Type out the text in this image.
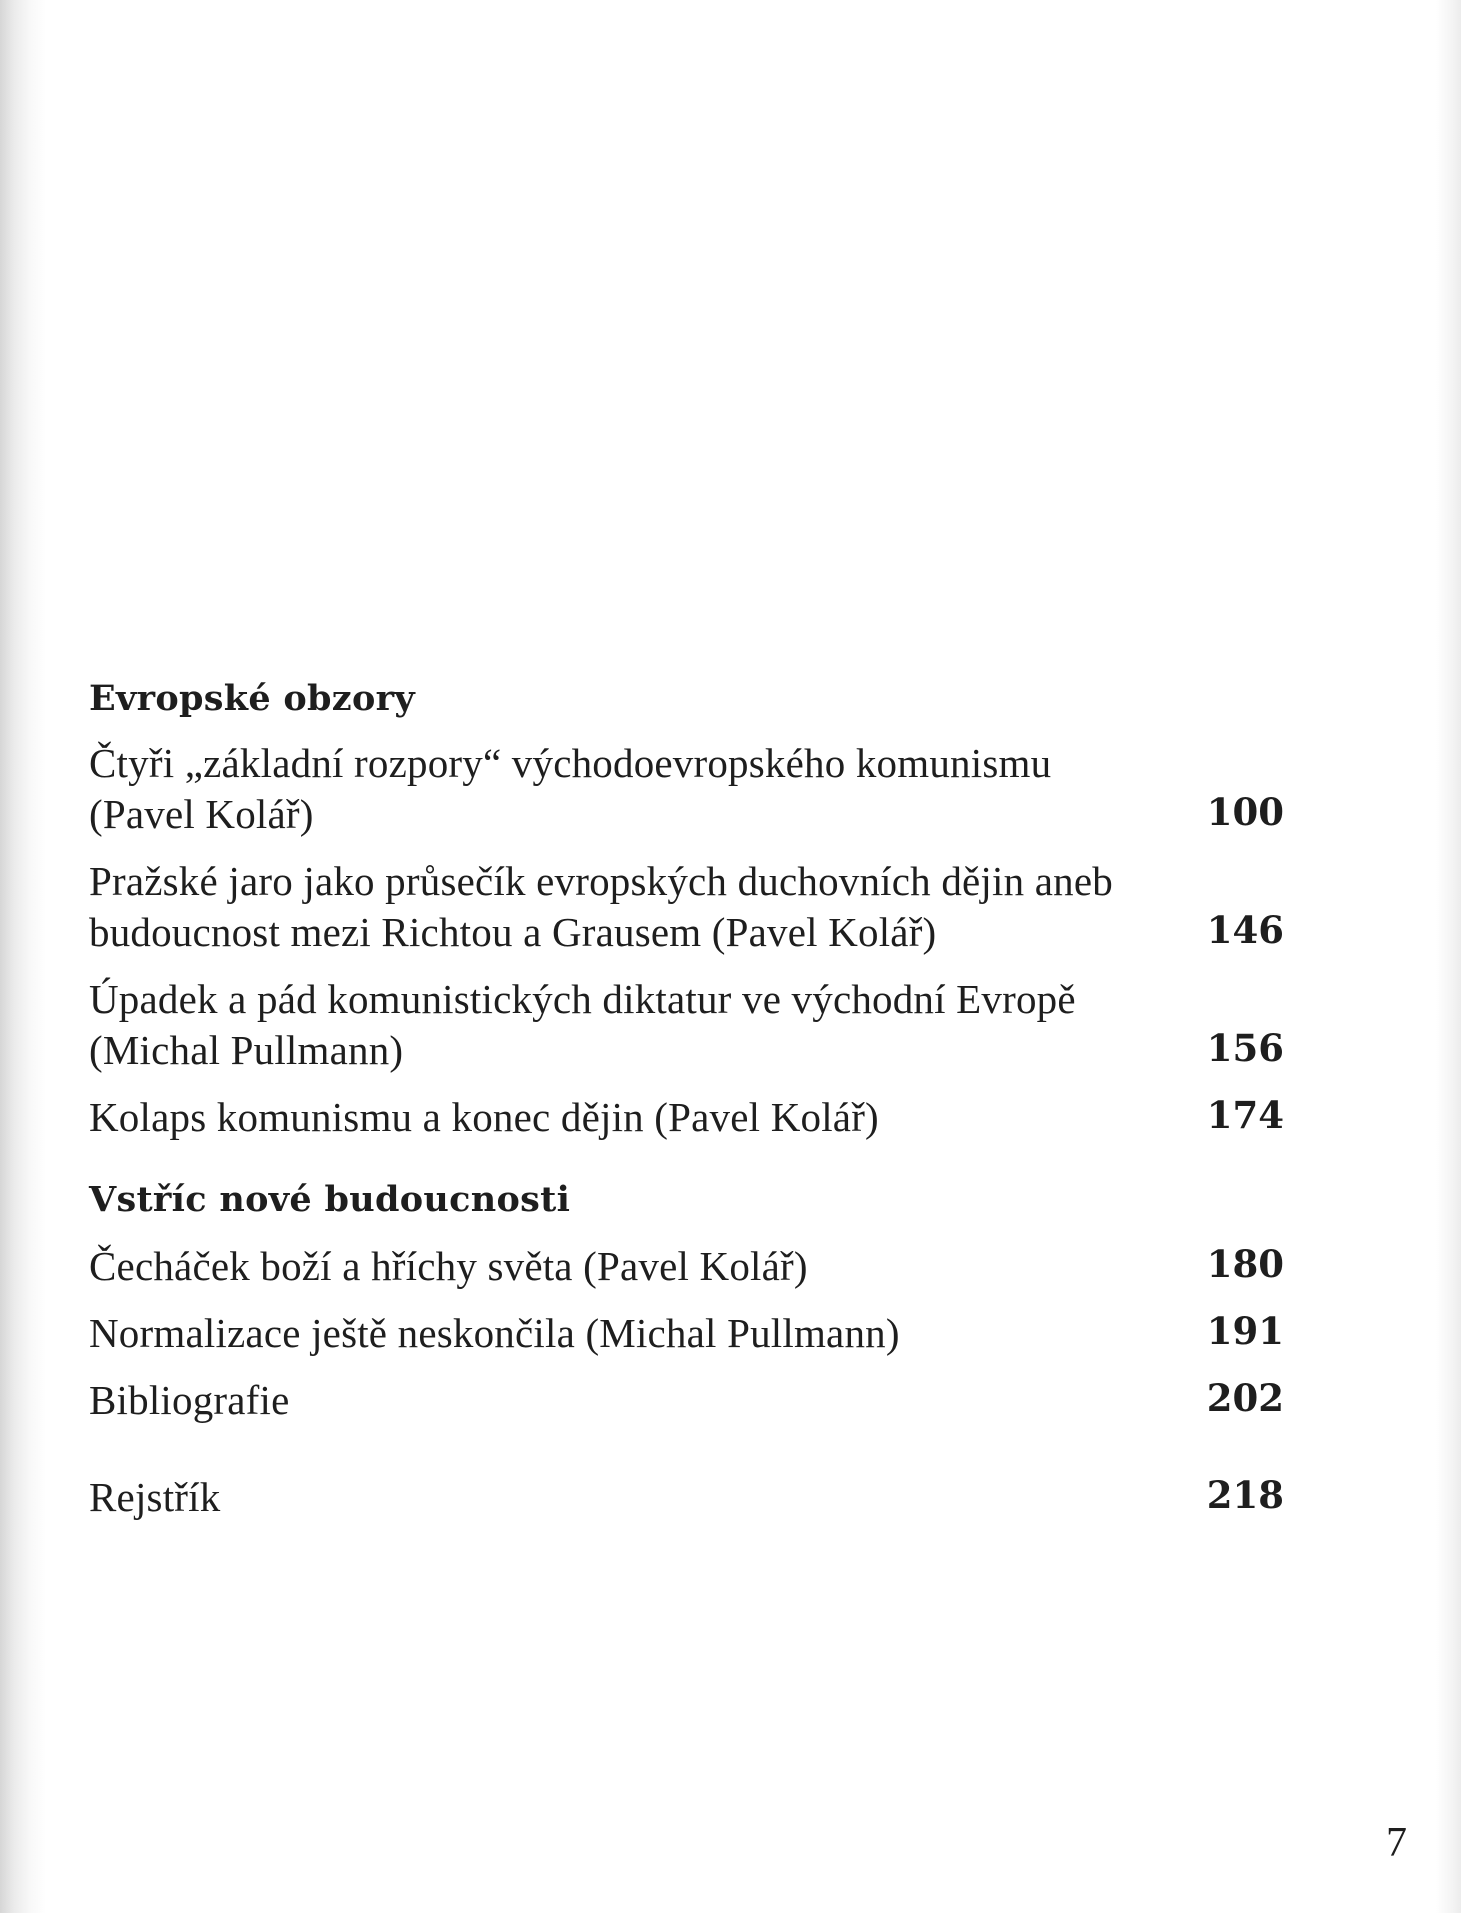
Evropské obzory
Čtyři „základní rozpory“ východoevropského komunismu (Pavel Kolář)	100
Pražské jaro jako průsečík evropských duchovních dějin aneb budoucnost mezi Richtou a Grausem (Pavel Kolář)	146
Úpadek a pád komunistických diktatur ve východní Evropě (Michal Pullmann)	156
Kolaps komunismu a konec dějin (Pavel Kolář)	174
Vstříc nové budoucnosti
Čecháček boží a hříchy světa (Pavel Kolář)	180
Normalizace ještě neskončila (Michal Pullmann)	191
Bibliografie	202
Rejstřík	218
7
